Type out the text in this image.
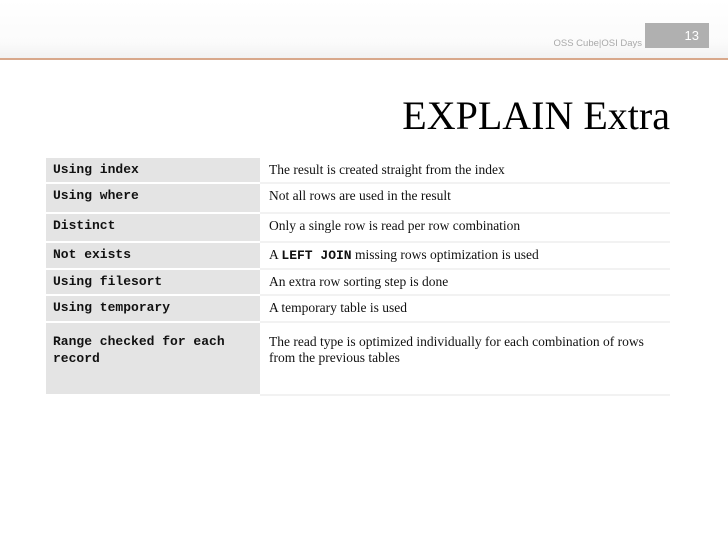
OSS Cube|OSI Days
13
EXPLAIN Extra
Using index	The result is created straight from the index

Using where	Not all rows are used in the result

Distinct	Only a single row is read per row combination

Not exists	A LEFT JOIN missing rows optimization is used

Using filesort	An extra row sorting step is done

Using temporary	A temporary table is used

Range checked for each record	The read type is optimized individually for each combination of rows from the previous tables
